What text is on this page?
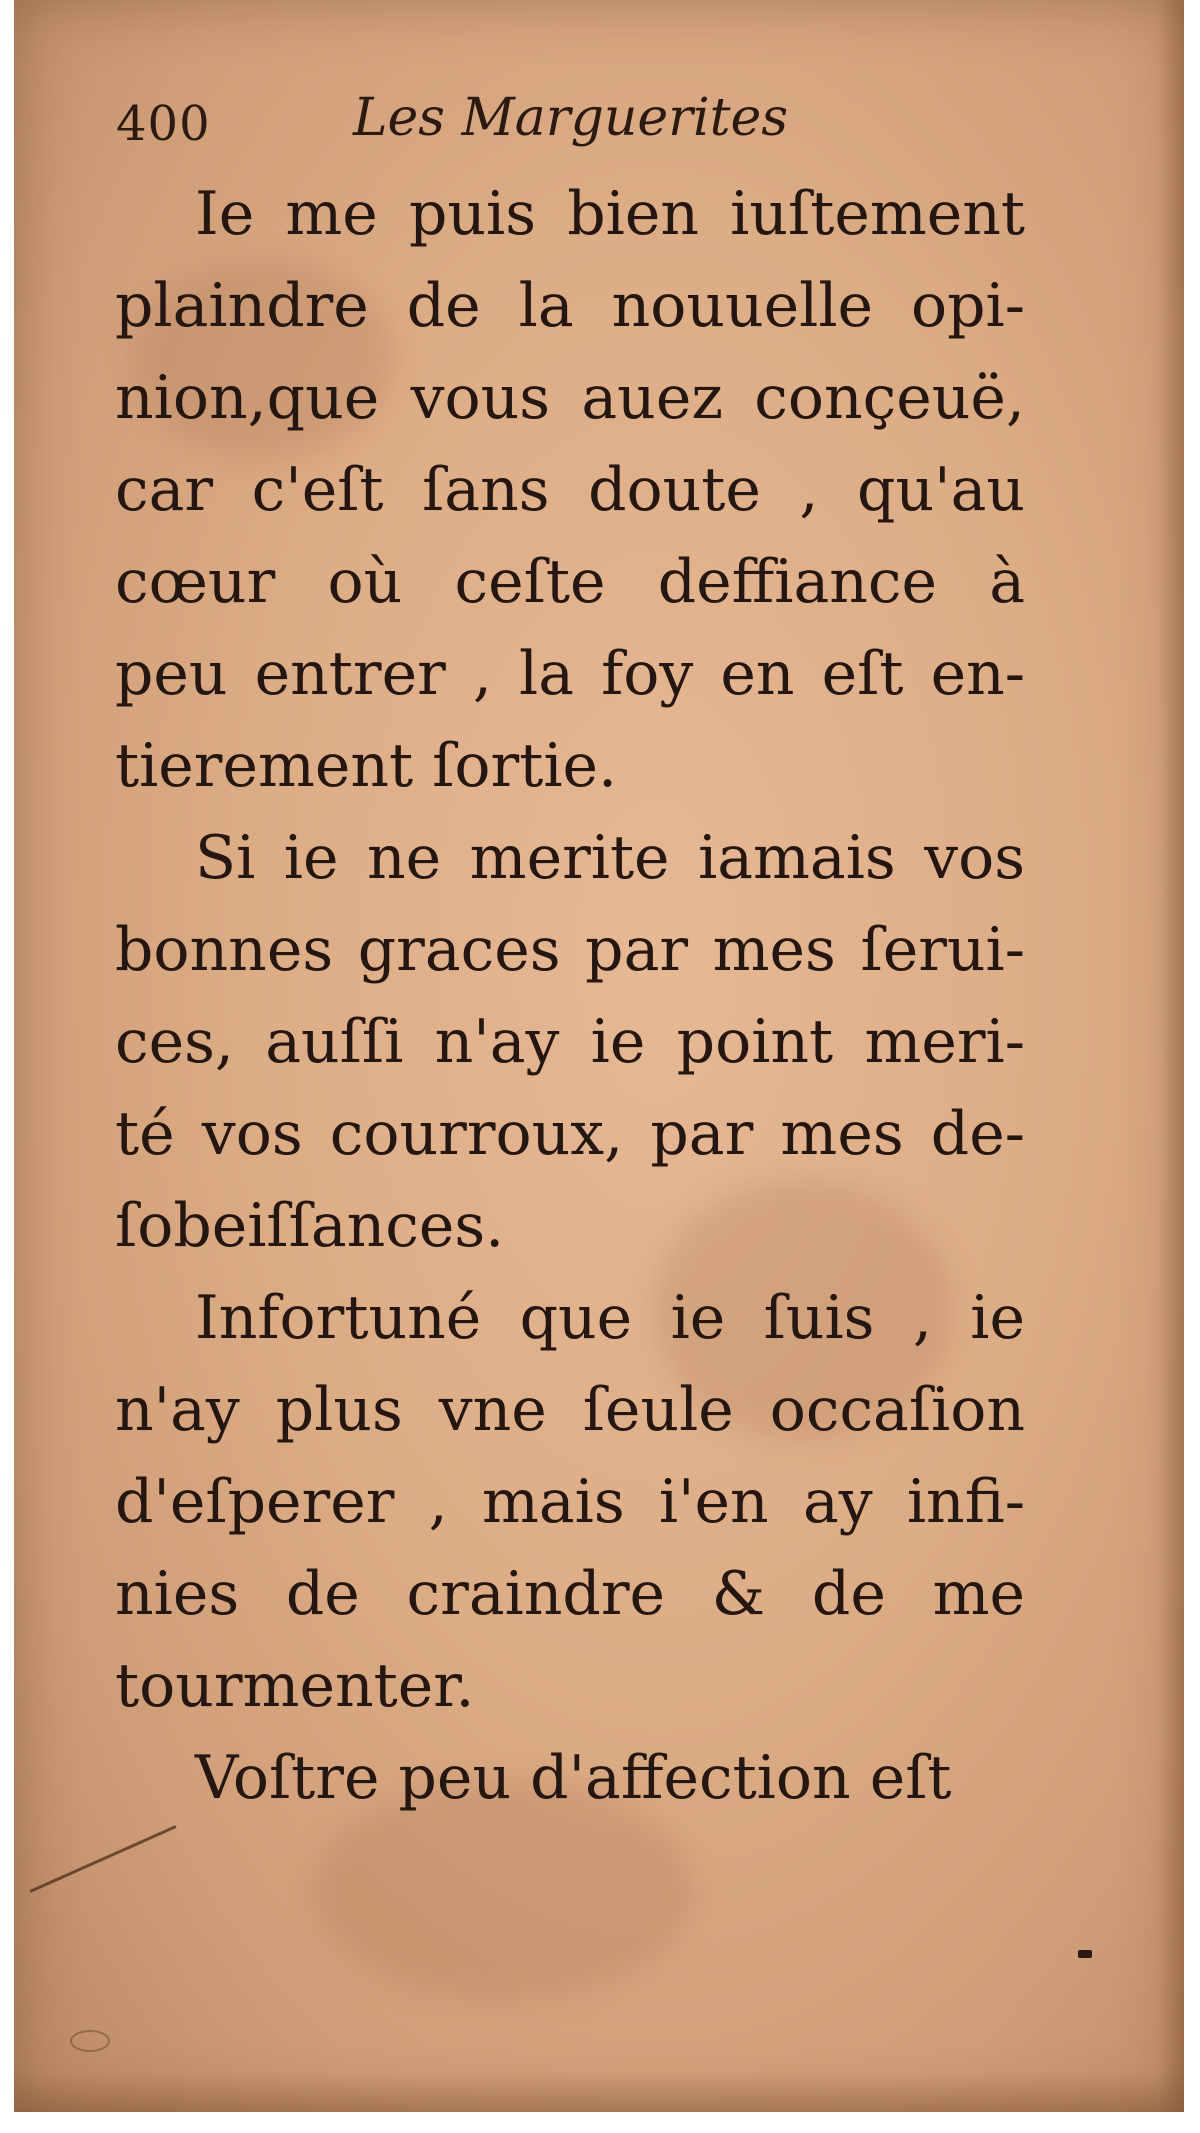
400	Les Marguerites
Ie me puis bien iuſtement
plaindre de la nouuelle opi-
nion,que vous auez conçeuë,
car c'eſt ſans doute , qu'au
cœur où ceſte deffiance à
peu entrer , la foy en eſt en-
tierement ſortie.
Si ie ne merite iamais vos
bonnes graces par mes ſerui-
ces, auſſi n'ay ie point meri-
té vos courroux, par mes de-
ſobeiſſances.
Infortuné que ie ſuis , ie
n'ay plus vne ſeule occaſion
d'eſperer , mais i'en ay infi-
nies de craindre & de me
tourmenter.
Voſtre peu d'affection eſt
